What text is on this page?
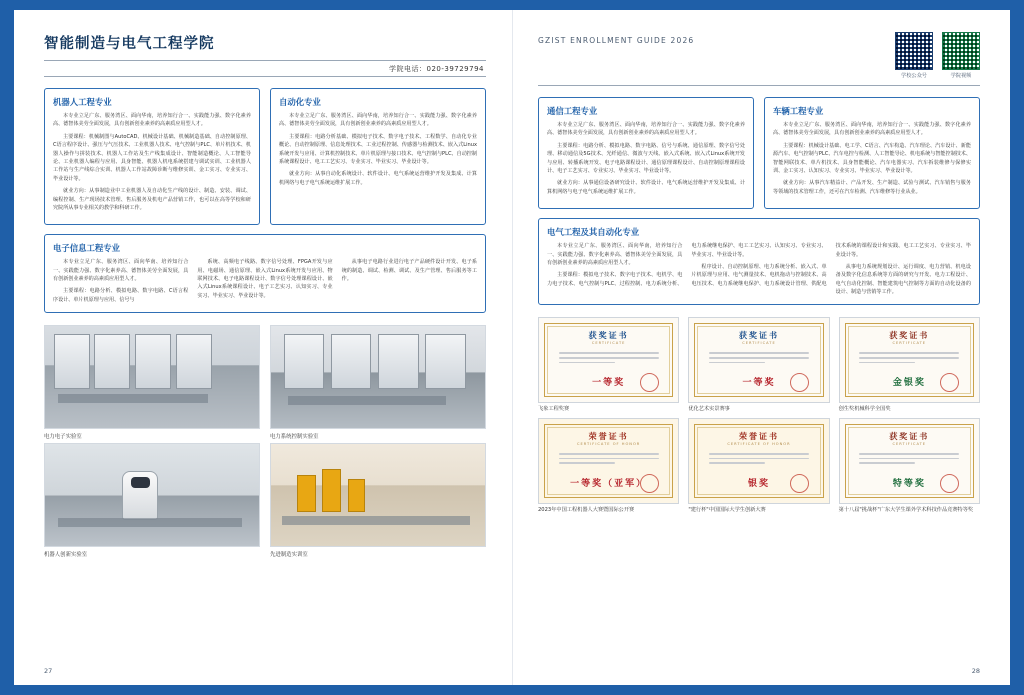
智能制造与电气工程学院
学院电话：020-39729794
机器人工程专业

本专业立足广东、服务湾区、面向华南，培养知行合一、实践能力强、数字化素养高、德智体美劳全面发展，具有创新创业素养的高素质应用型人才。

主要课程：机械制图与AutoCAD、机械设计基础、机械制造基础、自动控制原理、C语言程序设计、强压与气压技术、工业机器人技术、电气控制与PLC、单片机技术、机器人操作与拼装技术、机器人工作站及生产线集成设计、智能制造概论、人工智能导论、工业机器人编程与应用、具身智能、机器人机电系统搭建与调试实训、工业机器人工作站与生产线综合实训、机器人工作站故障诊断与维修实训、金工实习、专业实习、毕业设计等。

就业方向：从事制造业中工业机器人及自动化生产线的设计、制造、安装、调试、编程控制、生产现场技术管理、售后服务及机电产品营销工作，也可以在高等学校和研究院所从事专业相关的教学和科研工作。

自动化专业

本专业立足广东、服务湾区、面向华南，培养知行合一、实践能力强、数字化素养高、德智体美劳全面发展，具有创新创业素养的高素质应用型人才。

主要课程：电路分析基础、模拟电子技术、数字电子技术、工程数学、自动化专业概论、自动控制原理、信息处理技术、工业过程控制、传感器与检测技术、嵌入式Linux系统开发与应用、计算机控制技术、单片机原理与接口技术、电气控制与PLC、自动控制系统课程设计、电工工艺实习、专业实习、毕业实习、毕业设计等。

就业方向：从事自动化系统设计、软件设计、电气系统运营维护开发及集成、计算机网络与电子电气系统运维扩展工作。

电子信息工程专业

本专业立足广东、服务湾区、面向华南、培养知行合一、实践能力强、数字化素养高、德智体美劳全面发展，具有创新创业素养的高素质应用型人才。

主要课程：电路分析、模拟电路、数字电路、C语言程序设计、单片机原理与应用、信号与

系统、高频电子线路、数字信号处理、FPGA开发与应用、电磁场、通信原理、嵌入式Linux系统开发与应用、物联网技术、电子电路课程设计、数字信号处理课程设计、嵌入式Linux系统课程设计、电子工艺实习、认知实习、专业实习、毕业实习、毕业设计等。

从事电子电路行业进行电子产品硬件设计开发、电子系统的制造、调试、检测、调试、及生产管理、售后服务等工作。

电力电子实验室	电力系统控制实验室
机器人创新实验室	先进制造实训室
27
GZIST ENROLLMENT GUIDE 2026
学校公众号	学院视频
通信工程专业

本专业立足广东、服务湾区、面向华南，培养知行合一、实践能力强、数字化素养高、德智体美劳全面发展，具有创新创业素养的高素质应用型人才。

主要课程：电路分析、模拟电路、数字电路、信号与系统、通信原理、数字信号处理、移动通信及5G技术、光纤通信、微波与天线、嵌入式系统、嵌入式Linux系统开发与应用、转播系统开发、电子电路课程设计、通信原理课程设计、自动控制原理课程设计、电子工艺实习、专业实习、毕业实习、毕业设计等。

就业方向：从事通信设备研究设计、软件设计、电气系统运营维护开发及集成、计算机网络与电子电气系统运维扩展工作。

车辆工程专业

本专业立足广东、服务湾区、面向华南，培养知行合一、实践能力强、数字化素养高、德智体美劳全面发展，具有创新创业素养的高素质应用型人才。

主要课程：机械设计基础、电工学、C语言、汽车构造、汽车理论、汽车设计、新能源汽车、电气控制与PLC、汽车电控与检测、人工智能导论、机电系统与智能控制技术、智能网联技术、单片机技术、具身智能概论、汽车电器实习、汽车拆装维修与保修实训、金工实习、认知实习、专业实习、毕业实习、毕业设计等。

就业方向：从事汽车精益计、产品开发、生产制造、试验与测试、汽车销售与服务等领域的技术管理工作，还可在汽车检测、汽车维修等行业从业。

电气工程及其自动化专业

本专业立足广东、服务湾区、面向华南，培养知行合一、实践能力强、数字化素养高、德智体美劳全面发展，具有创新创业素养的高素质应用型人才。

主要课程：模拟电子技术、数字电子技术、电机学、电力电子技术、电气控制与PLC、过程控制、电力系统分析、电力系统继电保护、电工工艺实习、认知实习、专业实习、毕业实习、毕业设计等。

程序设计、自动控制原理、电力系统分析、嵌入式、单片机原理与应用、电气测量技术、电机拖动与控制技术、高电压技术、电力系统继电保护、电力系统设计管理、供配电技术系统的课程设计和实践、电工工艺实习、专业实习、毕业设计等。

从事电力系统规划设计、运行调度、电力营销、机电设备及数字化信息系统等方面的研究与开发、电力工程设计、电气自动化控制、智能建筑电气控制等方面的自动化设备的设计、制造与营销等工作。

获奖证书
CERTIFICATE
一等奖
飞象工程奖赛
获奖证书
CERTIFICATE
一等奖
优化艺术实景赛事
获奖证书
CERTIFICATE
金银奖
创生奖机械科学全国奖
荣誉证书
CERTIFICATE OF HONOR
一等奖（亚军）
2023年中国工程机器人大赛暨国际公开赛
荣誉证书
CERTIFICATE OF HONOR
银奖
"建行杯"中国国际大学生创新大赛
获奖证书
CERTIFICATE
特等奖
第十八届"挑战杯"广东大学生课外学术科技作品竞赛特等奖
28
